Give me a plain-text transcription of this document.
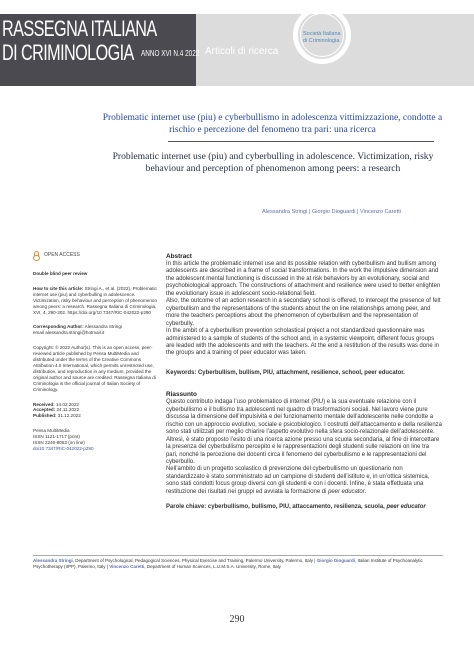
RASSEGNA ITALIANA
DI CRIMINOLOGIA ANNO XVI N.4 2022 Articoli di ricerca
Società Italiana
di Criminologia
Problematic internet use (piu) e cyberbullismo in adolescenza vittimizzazione, condotte a rischio e percezione del fenomeno tra pari: una ricerca
Problematic internet use (piu) and cyberbulling in adolescence. Victimization, risky behaviour and perception of phenomenon among peers: a research
Alessandra Stringi | Giorgio Dioguardi | Vincenzo Caretti
OPEN ACCESS
Double blind peer review
How to cite this article: Stringi A., et al. (2022). Problematic internet use (piu) and cyberbulling in adolescence. Victimization, risky behaviour and perception of phenomenon among peers: a research. Rassegna Italiana di Criminologia, XVI, 4, 290-302. https://doi.org/10.7347/RIC-042022-p290
Corresponding Author: Alessandra Stringi
email alessandra.stringi@hotmail.it
Copyright: © 2022 Author(s). This is an open access, peer-reviewed article published by Pensa MultiMedia and distributed under the terms of the Creative Commons Attribution 4.0 International, which permits unrestricted use, distribution, and reproduction in any medium, provided the original author and source are credited. Rassegna Italiana di Criminologia is the official journal of Italian Society of Criminology.
Received: 14.02.2022
Accepted: 24.11.2022
Published: 31.12.2022
Pensa MultiMedia
ISSN 1121-1717 (print)
ISSN 2240-8053 (on line)
doi10.7347/RIC-042022-p290
Abstract

In this article the problematic internet use and its possible relation with cyberbullism and bullism among adolescents are described in a frame of social transformations. In the work the impulsive dimension and the adolescent mental functioning is discussed in the at risk behaviors by an evolutionary, social and psychobiological approach. The constructions of attachment and resilience were used to better enlighten the evolutionary issue in adolescent socio-relational field.

Also, the outcome of an action research in a secondary school is offered, to intercept the presence of felt cyberbullism and the representations of the students about the on line relationships among peer, and more the teachers perceptions about the phenomenon of cyberbullism and the representation of cyberbully.

In the ambit of a cyberbullism prevention scholastical project a not standardized questionnaire was administered to a sample of students of the school and, in a systemic viewpoint, different focus groups are leaded with the adolescents and with the teachers. At the end a restitution of the results was done in the groups and a training of peer educator was taken.

Keywords: Cyberbullism, bullism, PIU, attachment, resilience, school, peer educator.

Riassunto

Questo contributo indaga l’uso problematico di internet (PIU) e la sua eventuale relazione con il cyberbullismo e il bullismo tra adolescenti nel quadro di trasformazioni sociali. Nel lavoro viene pure discussa la dimensione dell’impulsività e del funzionamento mentale dell’adolescente nelle condotte a rischio con un approccio evolutivo, sociale e psicobiologico. I costrutti dell’attaccamento e della resilienza sono stati utilizzati per meglio chiarire l’aspetto evolutivo nella sfera socio-relazionale dell’adolescente.

Altresì, è stato proposto l’esito di una ricerca azione presso una scuola secondaria, al fine di intercettare la presenza del cyberbullismo percepito e le rappresentazioni degli studenti sulle relazioni on line tra pari, nonché la percezione dei docenti circa il fenomeno del cyberbullismo e le rappresentazioni del cyberbullo.

Nell’ambito di un progetto scolastico di prevenzione del cyberbullismo un questionario non standardizzato è stato somministrato ad un campione di studenti dell’istituto e, in un’ottica sistemica, sono stati condotti focus group diversi con gli studenti e con i docenti. Infine, è stata effettuata una restituzione dei risultati nei gruppi ed avviata la formazione di peer educator.

Parole chiave: cyberbullismo, bullismo, PIU, attaccamento, resilienza, scuola, peer educator

Alessandra Stringi, Department of Psychological, Pedagogical Sciences, Physical Exercise and Training, Palermo University, Palermo, Italy | Giorgio Dioguardi, Italian Institute of Psychoanalytic Psychotherapy (IIPP), Palermo, Italy | Vincenzo Caretti, Department of Human Sciences, L.U.M.S.A. University, Rome, Italy
290
